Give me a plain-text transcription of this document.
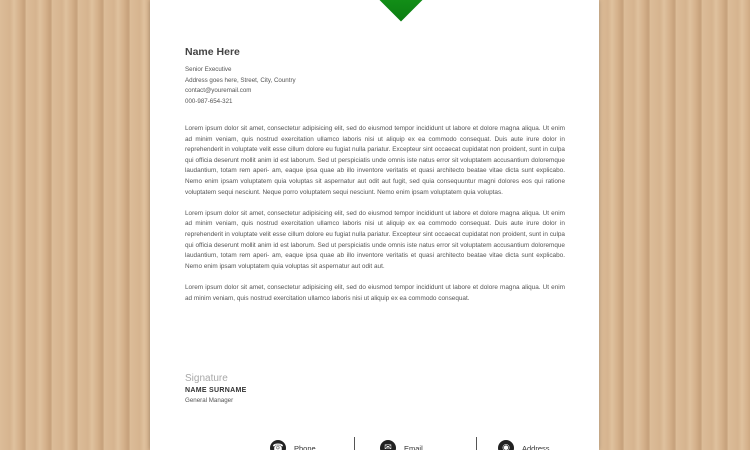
Name Here
Senior Executive
Address goes here, Street, City, Country
contact@youremail.com
000-987-654-321

Lorem ipsum dolor sit amet, consectetur adipisicing elit, sed do eiusmod tempor incididunt ut labore et dolore magna aliqua. Ut enim ad minim veniam, quis nostrud exercitation ullamco laboris nisi ut aliquip ex ea commodo consequat. Duis aute irure dolor in reprehenderit in voluptate velit esse cillum dolore eu fugiat nulla pariatur. Excepteur sint occaecat cupidatat non proident, sunt in culpa qui officia deserunt mollit anim id est laborum. Sed ut perspiciatis unde omnis iste natus error sit voluptatem accusantium doloremque laudantium, totam rem aperi- am, eaque ipsa quae ab illo inventore veritatis et quasi architecto beatae vitae dicta sunt explicabo. Nemo enim ipsam voluptatem quia voluptas sit aspernatur aut odit aut fugit, sed quia consequuntur magni dolores eos qui ratione voluptatem sequi nesciunt. Neque porro voluptatem sequi nesciunt. Nemo enim ipsam voluptatem quia voluptas.

Lorem ipsum dolor sit amet, consectetur adipisicing elit, sed do eiusmod tempor incididunt ut labore et dolore magna aliqua. Ut enim ad minim veniam, quis nostrud exercitation ullamco laboris nisi ut aliquip ex ea commodo consequat. Duis aute irure dolor in reprehenderit in voluptate velit esse cillum dolore eu fugiat nulla pariatur. Excepteur sint occaecat cupidatat non proident, sunt in culpa qui officia deserunt mollit anim id est laborum. Sed ut perspiciatis unde omnis iste natus error sit voluptatem accusantium doloremque laudantium, totam rem aperi- am, eaque ipsa quae ab illo inventore veritatis et quasi architecto beatae vitae dicta sunt explicabo. Nemo enim ipsam voluptatem quia voluptas sit aspernatur aut odit aut.

Lorem ipsum dolor sit amet, consectetur adipisicing elit, sed do eiusmod tempor incididunt ut labore et dolore magna aliqua. Ut enim ad minim veniam, quis nostrud exercitation ullamco laboris nisi ut aliquip ex ea commodo consequat.

Signature
NAME SURNAME
General Manager
☎	Phone	✉	Email	◉	Address
